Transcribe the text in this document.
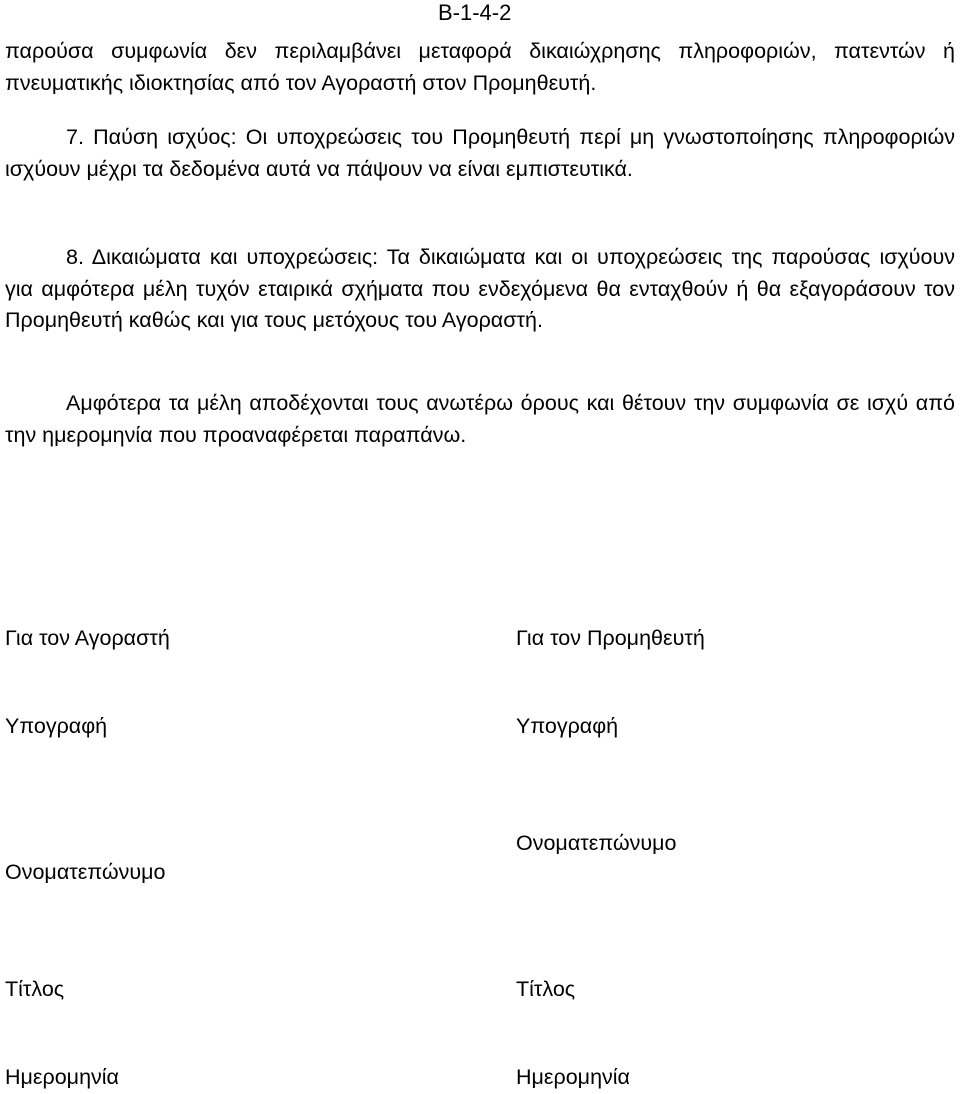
B-1-4-2

παρούσα συμφωνία δεν περιλαμβάνει μεταφορά δικαιώχρησης πληροφοριών, πατεντών ή πνευματικής ιδιοκτησίας από τον Αγοραστή στον Προμηθευτή.

7. Παύση ισχύος: Οι υποχρεώσεις του Προμηθευτή περί μη γνωστοποίησης πληροφοριών ισχύουν μέχρι τα δεδομένα αυτά να πάψουν να είναι εμπιστευτικά.

8. Δικαιώματα και υποχρεώσεις: Τα δικαιώματα και οι υποχρεώσεις της παρούσας ισχύουν για αμφότερα μέλη τυχόν εταιρικά σχήματα που ενδεχόμενα θα ενταχθούν ή θα εξαγοράσουν τον Προμηθευτή καθώς και για τους μετόχους του Αγοραστή.

Αμφότερα τα μέλη αποδέχονται τους ανωτέρω όρους και θέτουν την συμφωνία σε ισχύ από την ημερομηνία που προαναφέρεται παραπάνω.

Για τον Αγοραστή
Υπογραφή
Ονοματεπώνυμο
Τίτλος
Ημερομηνία
Για τον Προμηθευτή
Υπογραφή
Ονοματεπώνυμο
Τίτλος
Ημερομηνία
